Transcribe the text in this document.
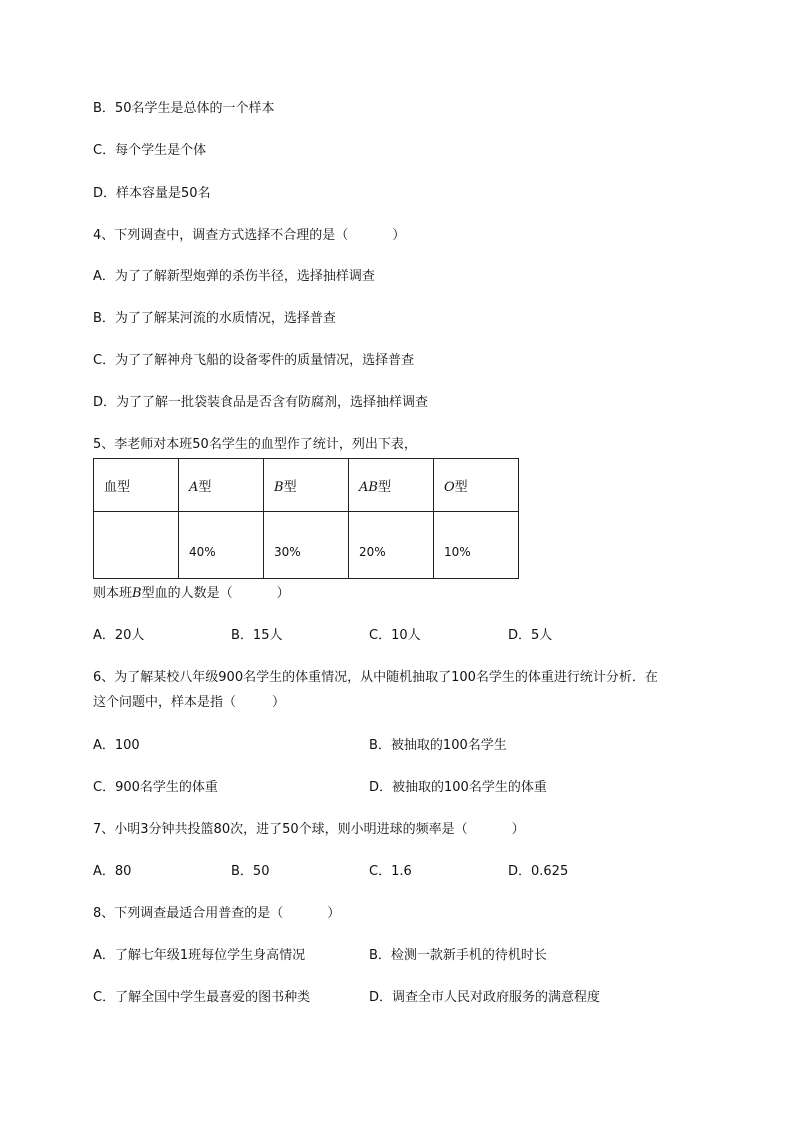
B．50名学生是总体的一个样本
C．每个学生是个体
D．样本容量是50名
4、下列调查中，调查方式选择不合理的是（	）
A．为了了解新型炮弹的杀伤半径，选择抽样调查
B．为了了解某河流的水质情况，选择普查
C．为了了解神舟飞船的设备零件的质量情况，选择普查
D．为了了解一批袋装食品是否含有防腐剂，选择抽样调查
5、李老师对本班50名学生的血型作了统计，列出下表，
血型	A型	B型	AB型	O型
	40%	30%	20%	10%
则本班B型血的人数是（	）
A．20人	B．15人	C．10人	D．5人
6、为了解某校八年级900名学生的体重情况，从中随机抽取了100名学生的体重进行统计分析．在
这个问题中，样本是指（	）
A．100	B．被抽取的100名学生
C．900名学生的体重	D．被抽取的100名学生的体重
7、小明3分钟共投篮80次，进了50个球，则小明进球的频率是（	）
A．80	B．50	C．1.6	D．0.625
8、下列调查最适合用普查的是（	）
A．了解七年级1班每位学生身高情况	B．检测一款新手机的待机时长
C．了解全国中学生最喜爱的图书种类	D．调查全市人民对政府服务的满意程度
